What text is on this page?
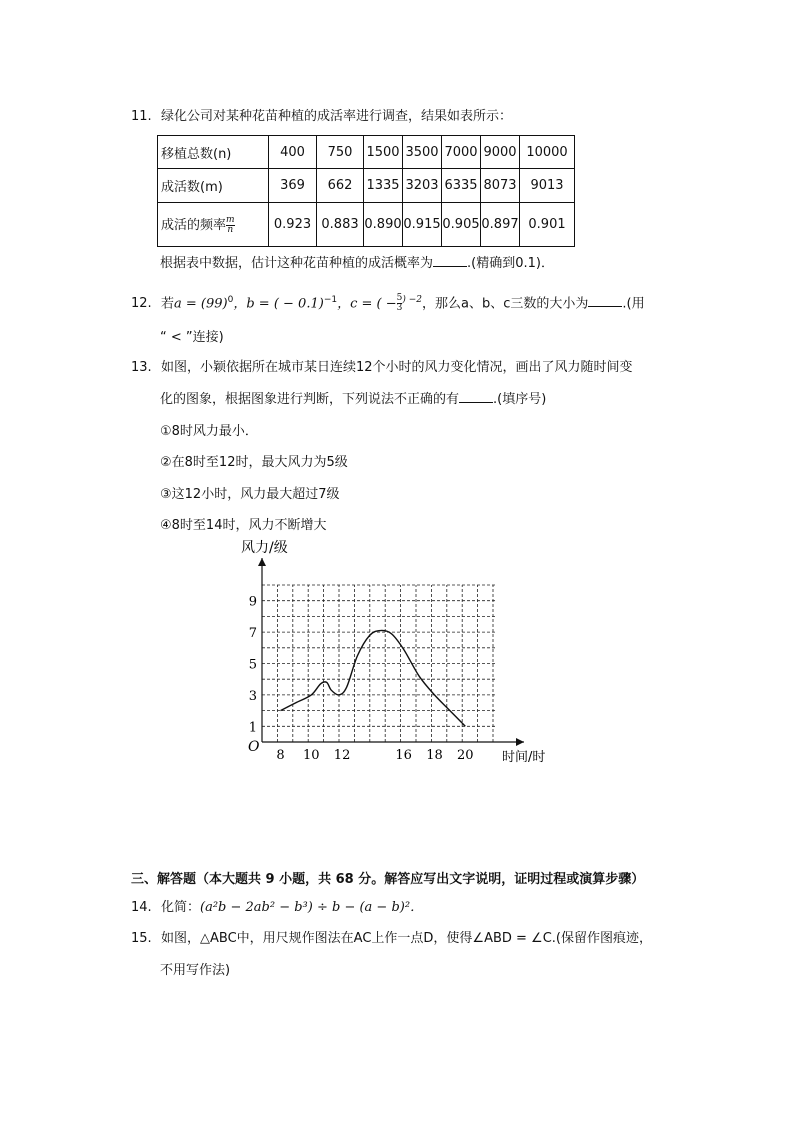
11. 绿化公司对某种花苗种植的成活率进行调查，结果如表所示：
移植总数(n)	400	750	1500	3500	7000	9000	10000
成活数(m)	369	662	1335	3203	6335	8073	9013
成活的频率 $\frac{m}{n}$	0.923	0.883	0.890	0.915	0.905	0.897	0.901
根据表中数据，估计这种花苗种植的成活概率为	.(精确到0.1)．
12. 若$a = (99)^0$，b = ( − 0.1)$^{-1}$，c = ( − $\frac{5}{3} ^{) -2}$，那么a、b、c三数的大小为	.(用
“ < ”连接)
13. 如图，小颖依据所在城市某日连续12个小时的风力变化情况，画出了风力随时间变
化的图象，根据图象进行判断，下列说法不正确的有	.(填序号)
①8时风力最小．
②在8时至12时，最大风力为5级
③这12小时，风力最大超过7级
④8时至14时，风力不断增大
风力/级
时间/时
O
8 10 12	16 18 20
1
3
5
7
9
三、解答题（本大题共 9 小题，共 68 分。解答应写出文字说明，证明过程或演算步骤）
14. 化简：(a²b − 2ab² − b³) ÷ b − (a − b)²．
15. 如图，△ABC中，用尺规作图法在AC上作一点D，使得∠ABD = ∠C.(保留作图痕迹，
不用写作法)
